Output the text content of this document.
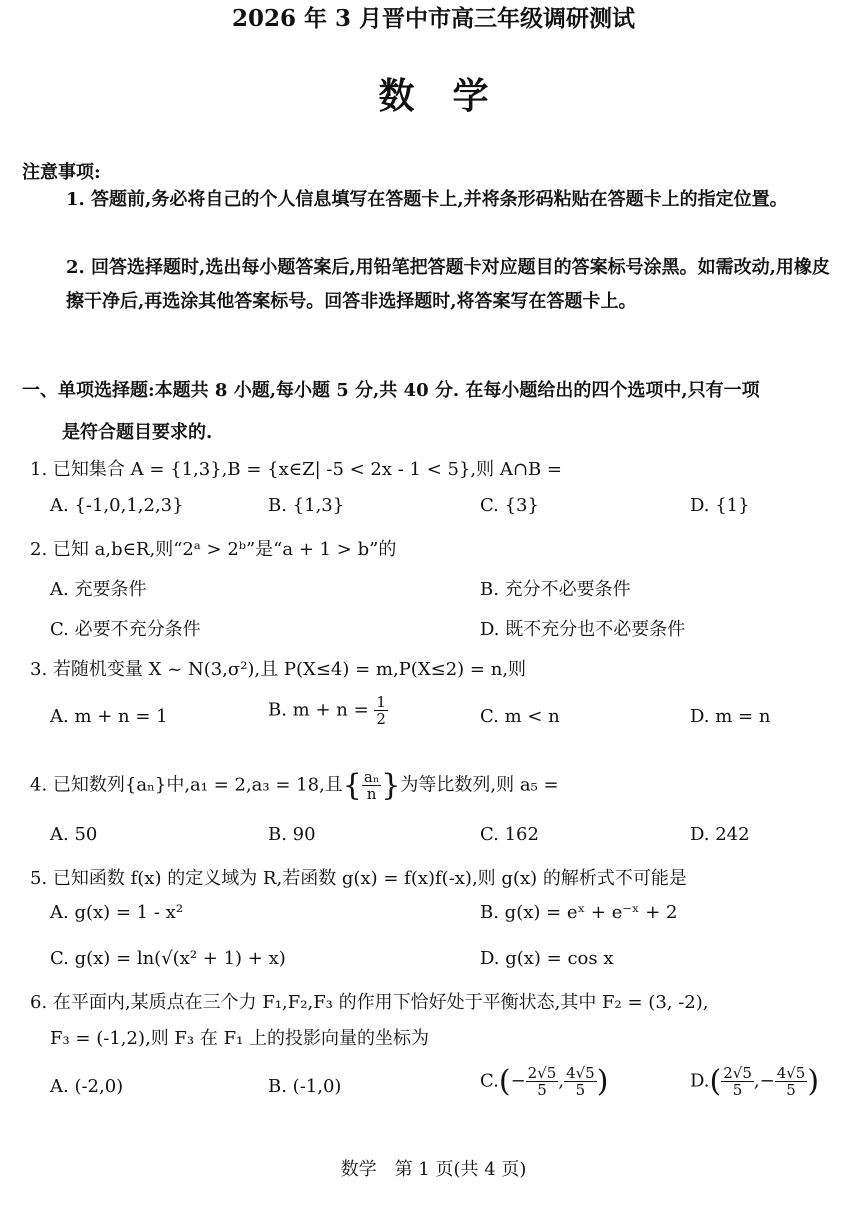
2026 年 3 月晋中市高三年级调研测试
数学
注意事项:
1. 答题前,务必将自己的个人信息填写在答题卡上,并将条形码粘贴在答题卡上的指定位置。
2. 回答选择题时,选出每小题答案后,用铅笔把答题卡对应题目的答案标号涂黑。如需改动,用橡皮擦干净后,再选涂其他答案标号。回答非选择题时,将答案写在答题卡上。
一、单项选择题:本题共 8 小题,每小题 5 分,共 40 分. 在每小题给出的四个选项中,只有一项
是符合题目要求的.
1. 已知集合 A = {1,3},B = {x∈Z| -5 < 2x - 1 < 5},则 A∩B =
A. {-1,0,1,2,3}	B. {1,3}	C. {3}	D. {1}
2. 已知 a,b∈R,则“2ᵃ > 2ᵇ”是“a + 1 > b”的
A. 充要条件	B. 充分不必要条件
C. 必要不充分条件	D. 既不充分也不必要条件
3. 若随机变量 X ~ N(3,σ²),且 P(X≤4) = m,P(X≤2) = n,则
A. m + n = 1	B. $m + n = \frac{1}{2}$	C. m < n	D. m = n
4. 已知数列{aₙ}中,a₁ = 2,a₃ = 18,且{ $\frac{\text{aₙ}}{n}$ }为等比数列,则 a₅ =
A. 50	B. 90	C. 162	D. 242
5. 已知函数 f(x) 的定义域为 R,若函数 g(x) = f(x)f(-x),则 g(x) 的解析式不可能是
A. g(x) = 1 - x²	B. g(x) = eˣ + e⁻ˣ + 2
C. g(x) = ln(√(x² + 1) + x)	D. g(x) = cos x
6. 在平面内,某质点在三个力 F₁,F₂,F₃ 的作用下恰好处于平衡状态,其中 F₂ = (3, -2),
F₃ = (-1,2),则 F₃ 在 F₁ 上的投影向量的坐标为
A. (-2,0)	B. (-1,0)	$C.(- \frac{2√5}{5}$ , $\frac{4√5}{5}$ )	$D.( \frac{2√5}{5}$ ,− $\frac{4√5}{5}$ )
数学　第 1 页(共 4 页)
